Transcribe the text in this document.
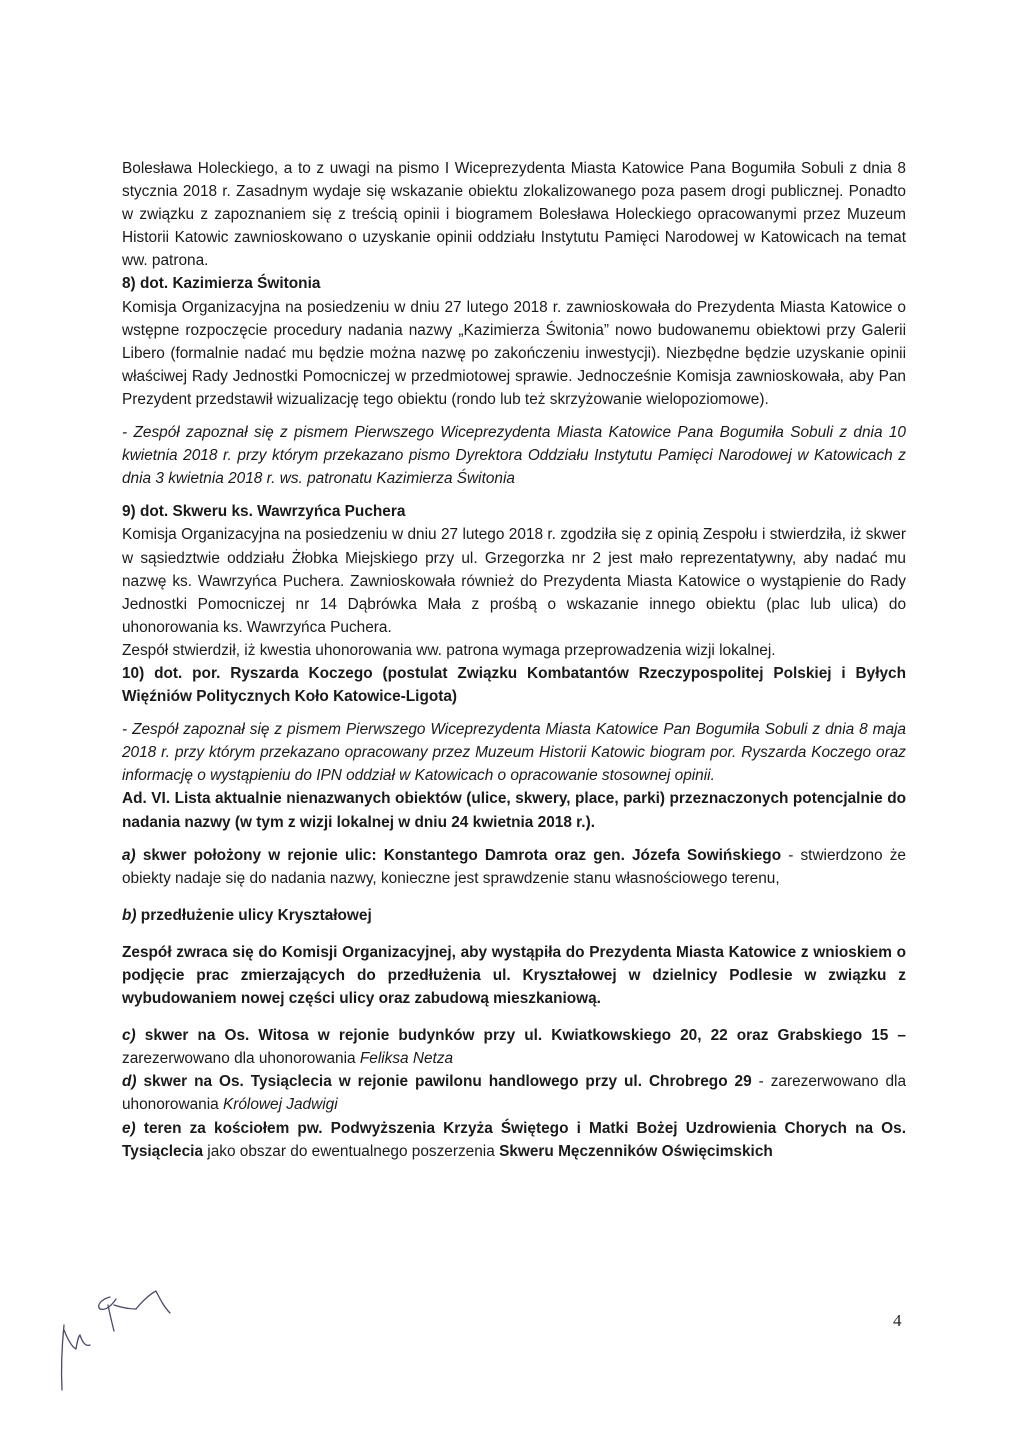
Bolesława Holeckiego, a to z uwagi na pismo I Wiceprezydenta Miasta Katowice Pana Bogumiła Sobuli z dnia 8 stycznia 2018 r. Zasadnym wydaje się wskazanie obiektu zlokalizowanego poza pasem drogi publicznej. Ponadto w związku z zapoznaniem się z treścią opinii i biogramem Bolesława Holeckiego opracowanymi przez Muzeum Historii Katowic zawnioskowano o uzyskanie opinii oddziału Instytutu Pamięci Narodowej w Katowicach na temat ww. patrona.

8) dot. Kazimierza Świtonia

Komisja Organizacyjna na posiedzeniu w dniu 27 lutego 2018 r. zawnioskowała do Prezydenta Miasta Katowice o wstępne rozpoczęcie procedury nadania nazwy „Kazimierza Świtonia” nowo budowanemu obiektowi przy Galerii Libero (formalnie nadać mu będzie można nazwę po zakończeniu inwestycji). Niezbędne będzie uzyskanie opinii właściwej Rady Jednostki Pomocniczej w przedmiotowej sprawie. Jednocześnie Komisja zawnioskowała, aby Pan Prezydent przedstawił wizualizację tego obiektu (rondo lub też skrzyżowanie wielopoziomowe).

- Zespół zapoznał się z pismem Pierwszego Wiceprezydenta Miasta Katowice Pana Bogumiła Sobuli z dnia 10 kwietnia 2018 r. przy którym przekazano pismo Dyrektora Oddziału Instytutu Pamięci Narodowej w Katowicach z dnia 3 kwietnia 2018 r. ws. patronatu Kazimierza Świtonia

9) dot. Skweru ks. Wawrzyńca Puchera

Komisja Organizacyjna na posiedzeniu w dniu 27 lutego 2018 r. zgodziła się z opinią Zespołu i stwierdziła, iż skwer w sąsiedztwie oddziału Żłobka Miejskiego przy ul. Grzegorzka nr 2 jest mało reprezentatywny, aby nadać mu nazwę ks. Wawrzyńca Puchera. Zawnioskowała również do Prezydenta Miasta Katowice o wystąpienie do Rady Jednostki Pomocniczej nr 14 Dąbrówka Mała z prośbą o wskazanie innego obiektu (plac lub ulica) do uhonorowania ks. Wawrzyńca Puchera.

Zespół stwierdził, iż kwestia uhonorowania ww. patrona wymaga przeprowadzenia wizji lokalnej.

10) dot. por. Ryszarda Koczego (postulat Związku Kombatantów Rzeczypospolitej Polskiej i Byłych Więźniów Politycznych Koło Katowice-Ligota)

- Zespół zapoznał się z pismem Pierwszego Wiceprezydenta Miasta Katowice Pan Bogumiła Sobuli z dnia 8 maja 2018 r. przy którym przekazano opracowany przez Muzeum Historii Katowic biogram por. Ryszarda Koczego oraz informację o wystąpieniu do IPN oddział w Katowicach o opracowanie stosownej opinii.

Ad. VI. Lista aktualnie nienazwanych obiektów (ulice, skwery, place, parki) przeznaczonych potencjalnie do nadania nazwy (w tym z wizji lokalnej w dniu 24 kwietnia 2018 r.).

a) skwer położony w rejonie ulic: Konstantego Damrota oraz gen. Józefa Sowińskiego - stwierdzono że obiekty nadaje się do nadania nazwy, konieczne jest sprawdzenie stanu własnościowego terenu,

b) przedłużenie ulicy Kryształowej

Zespół zwraca się do Komisji Organizacyjnej, aby wystąpiła do Prezydenta Miasta Katowice z wnioskiem o podjęcie prac zmierzających do przedłużenia ul. Kryształowej w dzielnicy Podlesie w związku z wybudowaniem nowej części ulicy oraz zabudową mieszkaniową.

c) skwer na Os. Witosa w rejonie budynków przy ul. Kwiatkowskiego 20, 22 oraz Grabskiego 15 – zarezerwowano dla uhonorowania Feliksa Netza

d) skwer na Os. Tysiąclecia w rejonie pawilonu handlowego przy ul. Chrobrego 29 - zarezerwowano dla uhonorowania Królowej Jadwigi

e) teren za kościołem pw. Podwyższenia Krzyża Świętego i Matki Bożej Uzdrowienia Chorych na Os. Tysiąclecia jako obszar do ewentualnego poszerzenia Skweru Męczenników Oświęcimskich

4
